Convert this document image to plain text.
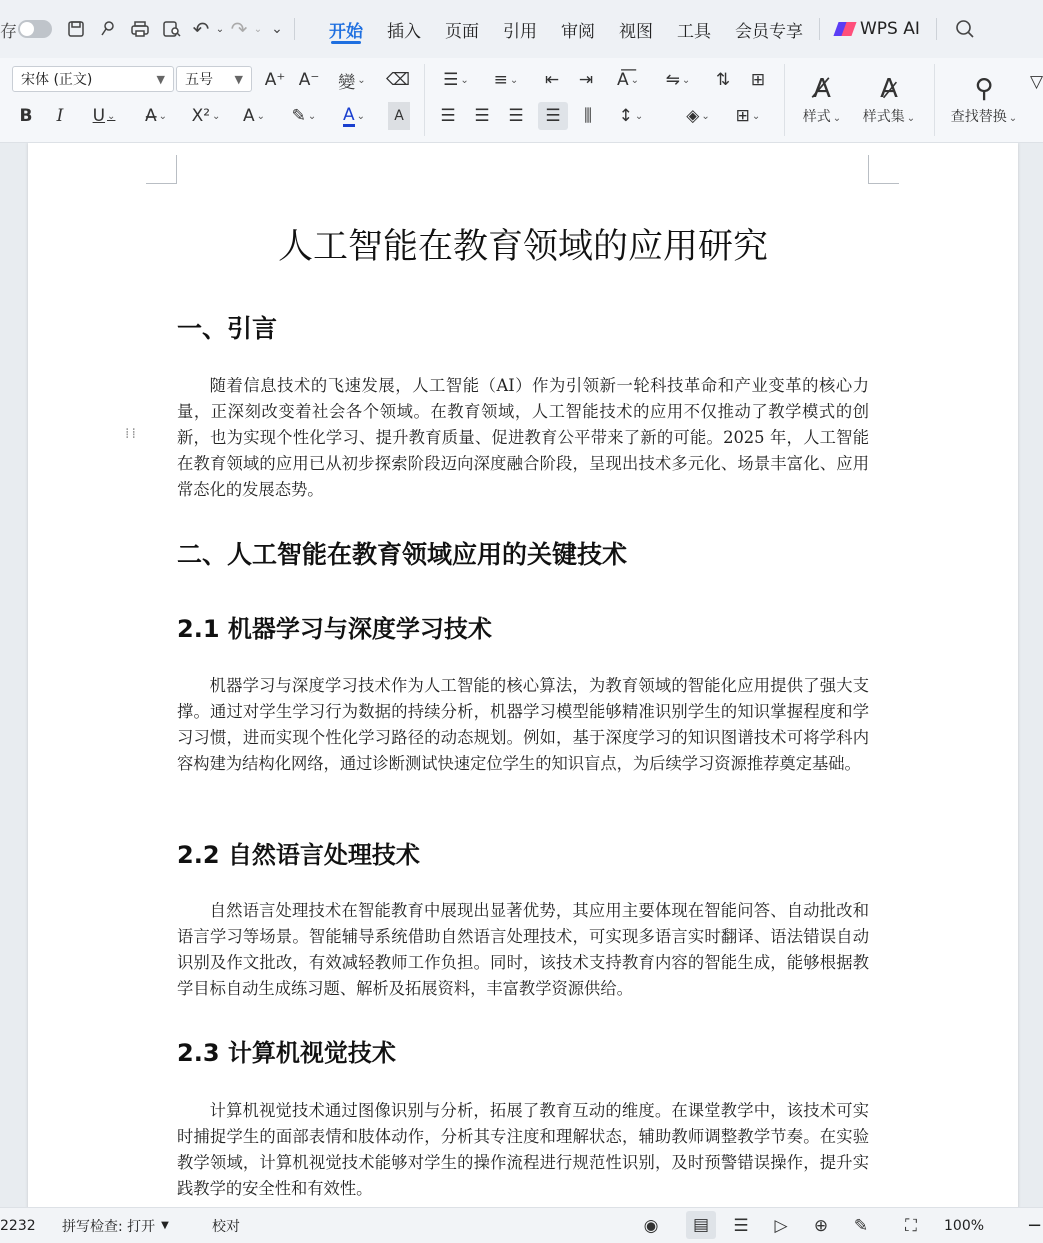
存	↶ ⌄ ↷ ⌄ ⌄	开始	插入	页面	引用	审阅	视图	工具	会员专享	WPS AI
宋体 (正文)	▼ 五号 ▼ A⁺ A⁻	變 ⌄ ⌫
B	I	U ⌄	A̶ ⌄ X² ⌄	A ⌄	✎ ⌄ A ⌄	A
☰ ⌄	≡ ⌄ ⇤ ⇥	A͞ ⌄	⇋ ⌄	⇅	⊞
☰	☰	☰	☰	⫼	↕ ⌄	◈ ⌄	⊞ ⌄
A̸
样式 ⌄
A̷
样式集 ⌄
⚲
查找替换 ⌄
▽
⁞⁞
人工智能在教育领域的应用研究
一、引言

随着信息技术的飞速发展，人工智能（AI）作为引领新一轮科技革命和产业变革的核心力量，正深刻改变着社会各个领域。在教育领域，人工智能技术的应用不仅推动了教学模式的创新，也为实现个性化学习、提升教育质量、促进教育公平带来了新的可能。2025 年，人工智能在教育领域的应用已从初步探索阶段迈向深度融合阶段，呈现出技术多元化、场景丰富化、应用常态化的发展态势。

二、人工智能在教育领域应用的关键技术
2.1 机器学习与深度学习技术

机器学习与深度学习技术作为人工智能的核心算法，为教育领域的智能化应用提供了强大支撑。通过对学生学习行为数据的持续分析，机器学习模型能够精准识别学生的知识掌握程度和学习习惯，进而实现个性化学习路径的动态规划。例如，基于深度学习的知识图谱技术可将学科内容构建为结构化网络，通过诊断测试快速定位学生的知识盲点，为后续学习资源推荐奠定基础。

2.2 自然语言处理技术

自然语言处理技术在智能教育中展现出显著优势，其应用主要体现在智能问答、自动批改和语言学习等场景。智能辅导系统借助自然语言处理技术，可实现多语言实时翻译、语法错误自动识别及作文批改，有效减轻教师工作负担。同时，该技术支持教育内容的智能生成，能够根据教学目标自动生成练习题、解析及拓展资料，丰富教学资源供给。

2.3 计算机视觉技术

计算机视觉技术通过图像识别与分析，拓展了教育互动的维度。在课堂教学中，该技术可实时捕捉学生的面部表情和肢体动作，分析其专注度和理解状态，辅助教师调整教学节奏。在实验教学领域，计算机视觉技术能够对学生的操作流程进行规范性识别，及时预警错误操作，提升实践教学的安全性和有效性。

2232	拼写检查: 打开 ▼	校对	◉	▤	☰	▷	⊕	✎	⛶	100% −
